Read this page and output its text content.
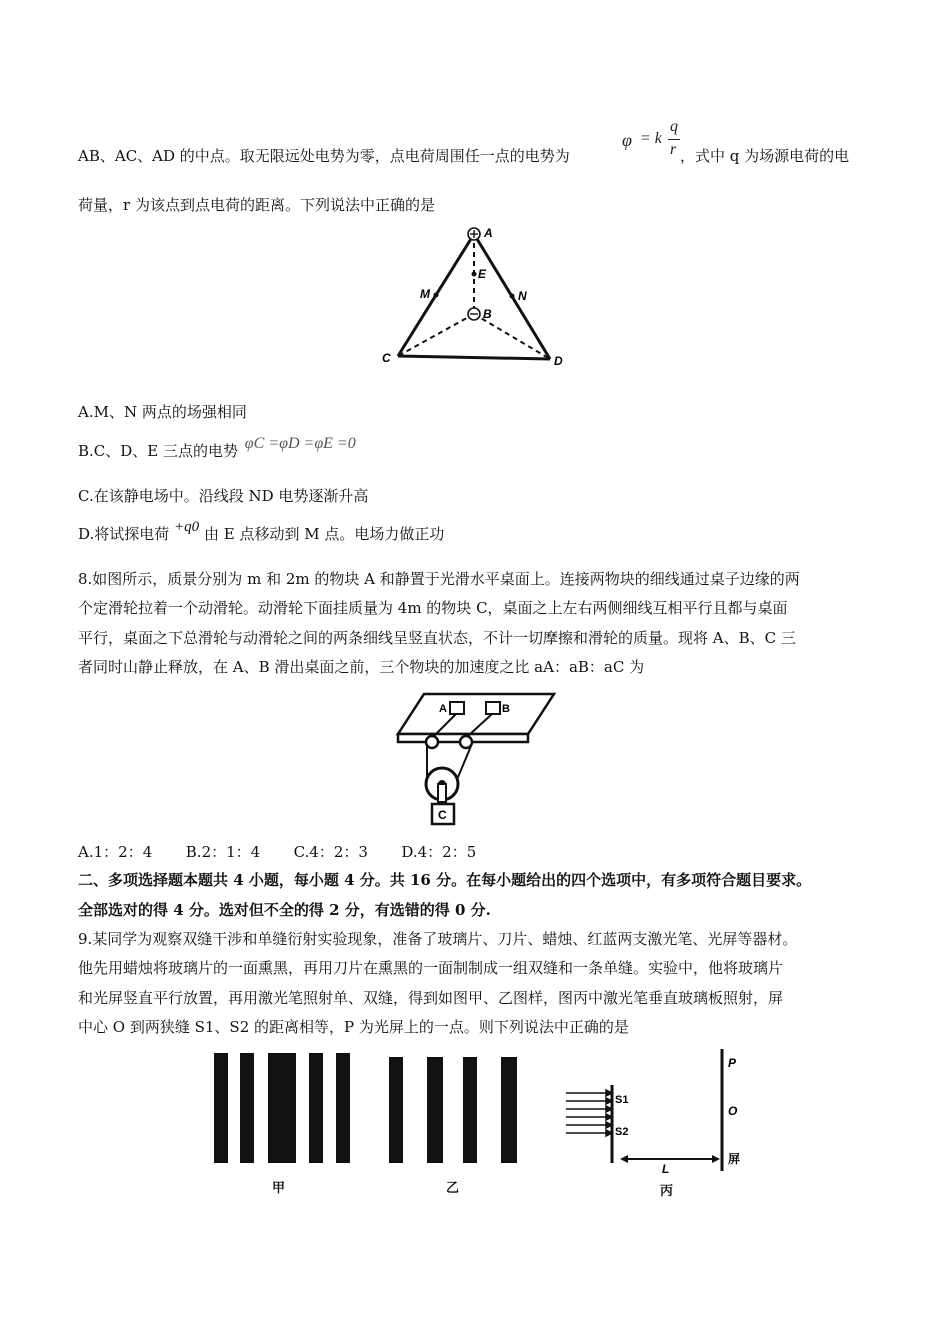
AB、AC、AD 的中点。取无限远处电势为零，点电荷周围任一点的电势为
φ = k
q
r ，式中 q 为场源电荷的电
荷量，r 为该点到点电荷的距离。下列说法中正确的是
A
E
M	N
B
C	D
A.M、N 两点的场强相同
B.C、D、E 三点的电势 φC =φD =φE =0
C.在该静电场中。沿线段 ND 电势逐渐升高
D.将试探电荷 +q0 由 E 点移动到 M 点。电场力做正功
8.如图所示，质景分别为 m 和 2m 的物块 A 和静置于光滑水平桌面上。连接两物块的细线通过桌子边缘的两
个定滑轮拉着一个动滑轮。动滑轮下面挂质量为 4m 的物块 C，桌面之上左右两侧细线互相平行且都与桌面
平行，桌面之下总滑轮与动滑轮之间的两条细线呈竖直状态，不计一切摩擦和滑轮的质量。现将 A、B、C 三
者同时山静止释放，在 A、B 滑出桌面之前，三个物块的加速度之比 aA：aB：aC 为
A	B
C
A.1：2：4 B.2：1：4 C.4：2：3 D.4：2：5
二、多项选择题本题共 4 小题，每小题 4 分。共 16 分。在每小题给出的四个选项中，有多项符合题目要求。
全部选对的得 4 分。选对但不全的得 2 分，有选错的得 0 分.
9.某同学为观察双缝干涉和单缝衍射实验现象，准备了玻璃片、刀片、蜡烛、红蓝两支激光笔、光屏等器材。
他先用蜡烛将玻璃片的一面熏黑，再用刀片在熏黑的一面制制成一组双缝和一条单缝。实验中，他将玻璃片
和光屏竖直平行放置，再用激光笔照射单、双缝，得到如图甲、乙图样，图丙中激光笔垂直玻璃板照射，屏
中心 O 到两狭缝 S1、S2 的距离相等，P 为光屏上的一点。则下列说法中正确的是
甲	乙
S1
S2
P
O
屏
L
丙
